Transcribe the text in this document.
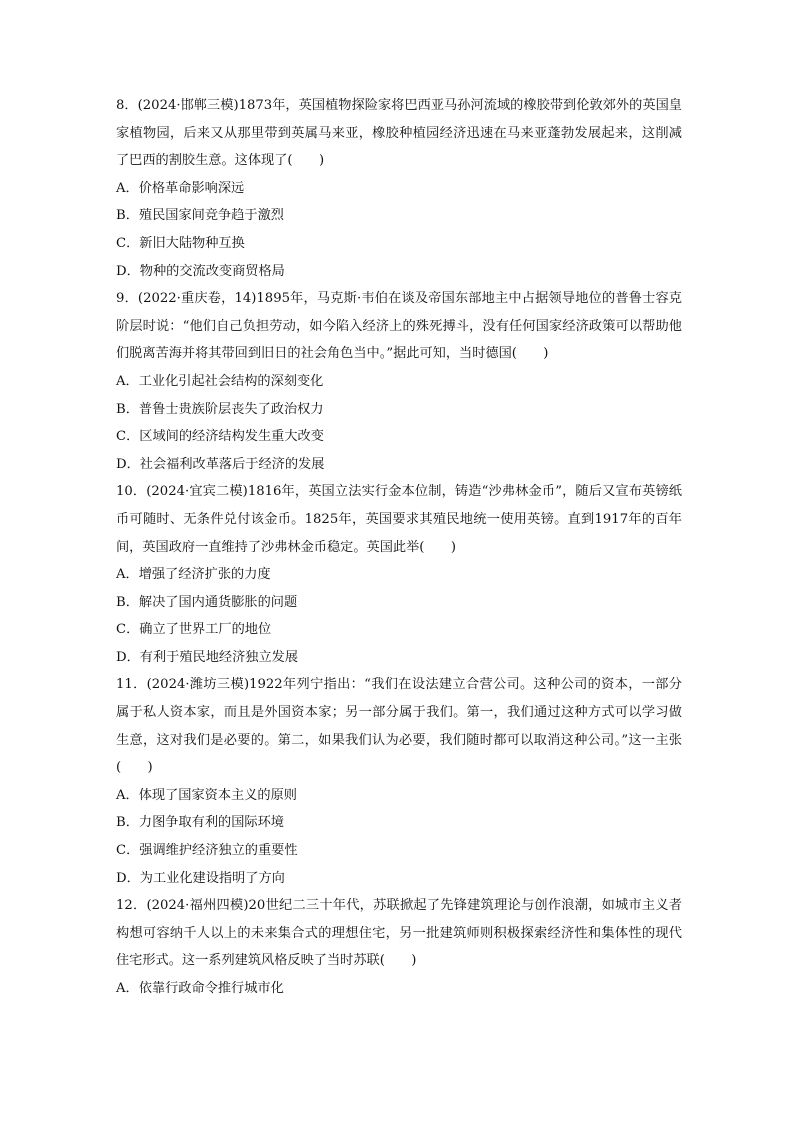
8．(2024·邯郸三模)1873年，英国植物探险家将巴西亚马孙河流域的橡胶带到伦敦郊外的英国皇家植物园，后来又从那里带到英属马来亚，橡胶种植园经济迅速在马来亚蓬勃发展起来，这削减了巴西的割胶生意。这体现了(　　)

A．价格革命影响深远

B．殖民国家间竞争趋于激烈

C．新旧大陆物种互换

D．物种的交流改变商贸格局

9．(2022·重庆卷，14)1895年，马克斯·韦伯在谈及帝国东部地主中占据领导地位的普鲁士容克阶层时说：“他们自己负担劳动，如今陷入经济上的殊死搏斗，没有任何国家经济政策可以帮助他们脱离苦海并将其带回到旧日的社会角色当中。”据此可知，当时德国(　　)

A．工业化引起社会结构的深刻变化

B．普鲁士贵族阶层丧失了政治权力

C．区域间的经济结构发生重大改变

D．社会福利改革落后于经济的发展

10．(2024·宜宾二模)1816年，英国立法实行金本位制，铸造“沙弗林金币”，随后又宣布英镑纸币可随时、无条件兑付该金币。1825年，英国要求其殖民地统一使用英镑。直到1917年的百年间，英国政府一直维持了沙弗林金币稳定。英国此举(　　)

A．增强了经济扩张的力度

B．解决了国内通货膨胀的问题

C．确立了世界工厂的地位

D．有利于殖民地经济独立发展

11．(2024·潍坊三模)1922年列宁指出：“我们在设法建立合营公司。这种公司的资本，一部分属于私人资本家，而且是外国资本家；另一部分属于我们。第一，我们通过这种方式可以学习做生意，这对我们是必要的。第二，如果我们认为必要，我们随时都可以取消这种公司。”这一主张(　　)

A．体现了国家资本主义的原则

B．力图争取有利的国际环境

C．强调维护经济独立的重要性

D．为工业化建设指明了方向

12．(2024·福州四模)20世纪二三十年代，苏联掀起了先锋建筑理论与创作浪潮，如城市主义者构想可容纳千人以上的未来集合式的理想住宅，另一批建筑师则积极探索经济性和集体性的现代住宅形式。这一系列建筑风格反映了当时苏联(　　)

A．依靠行政命令推行城市化
